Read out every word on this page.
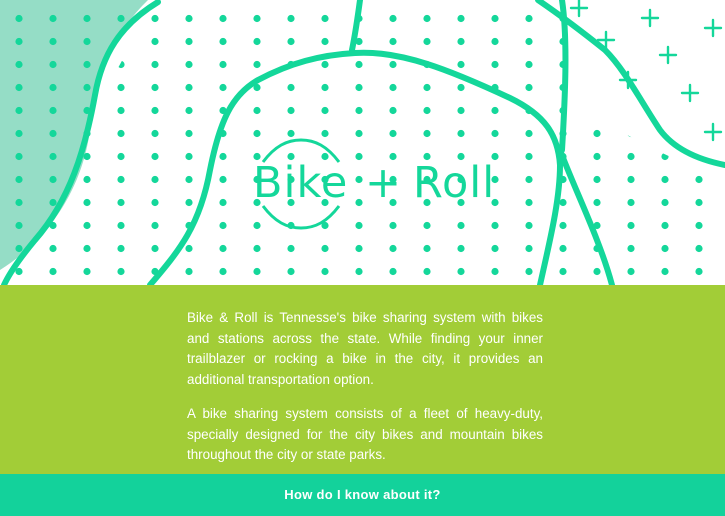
Bike + Roll

Bike & Roll is Tennesse's bike sharing system with bikes and stations across the state. While finding your inner trailblazer or rocking a bike in the city, it provides an additional transportation option.

A bike sharing system consists of a fleet of heavy-duty, specially designed for the city bikes and mountain bikes throughout the city or state parks.

How do I know about it?
